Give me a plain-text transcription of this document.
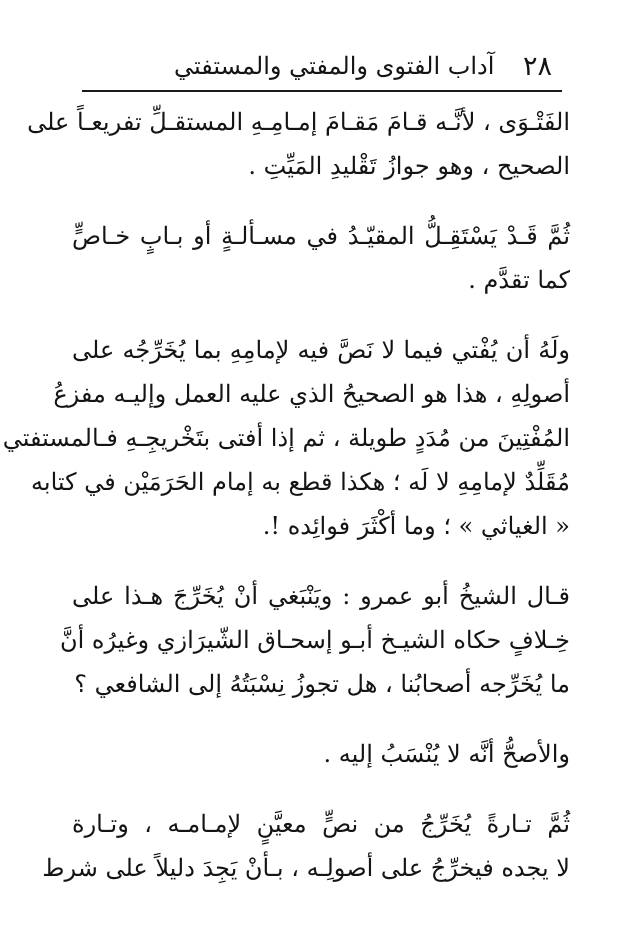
٢٨
آداب الفتوى والمفتي والمستفتي
الفَتْـوَى ، لأنَّـه قـامَ مَقـامَ إمـامِـهِ المستقـلِّ تفريعـاً على
الصحيح ، وهو جوازُ تَقْليدِ المَيِّتِ .
ثُمَّ قَـدْ يَسْتَقِـلُّ المقيّـدُ في مسـألـةٍ أو بـابٍ خـاصٍّ
كما تقدَّم .
ولَهُ أن يُفْتي فيما لا نَصَّ فيه لإمامِهِ بما يُخَرِّجُه على
أصولِهِ ، هذا هو الصحيحُ الذي عليه العمل وإليـه مفزعُ
المُفْتِينَ من مُدَدٍ طويلة ، ثم إذا أفتى بتَخْريجِـهِ فـالمستفتي
مُقَلِّدٌ لإمامِهِ لا لَه ؛ هكذا قطع به إمام الحَرَمَيْن في كتابه
« الغياثي » ؛ وما أكْثَرَ فوائِده !.
قـال الشيخُ أبو عمرو : ويَنْبَغي أنْ يُخَرِّجَ هـذا على
خِـلافٍ حكاه الشيـخ أبـو إسحـاق الشّيرَازي وغيرُه أنَّ
ما يُخَرِّجه أصحابُنا ، هل تجوزُ نِسْبَتُهُ إلى الشافعي ؟
والأصحُّ أنَّه لا يُنْسَبُ إليه .
ثُمَّ تـارةً يُخَرِّجُ من نصٍّ معيَّنٍ لإمـامـه ، وتـارة
لا يجده فيخرِّجُ على أصولِـه ، بـأنْ يَجِدَ دليلاً على شرط
